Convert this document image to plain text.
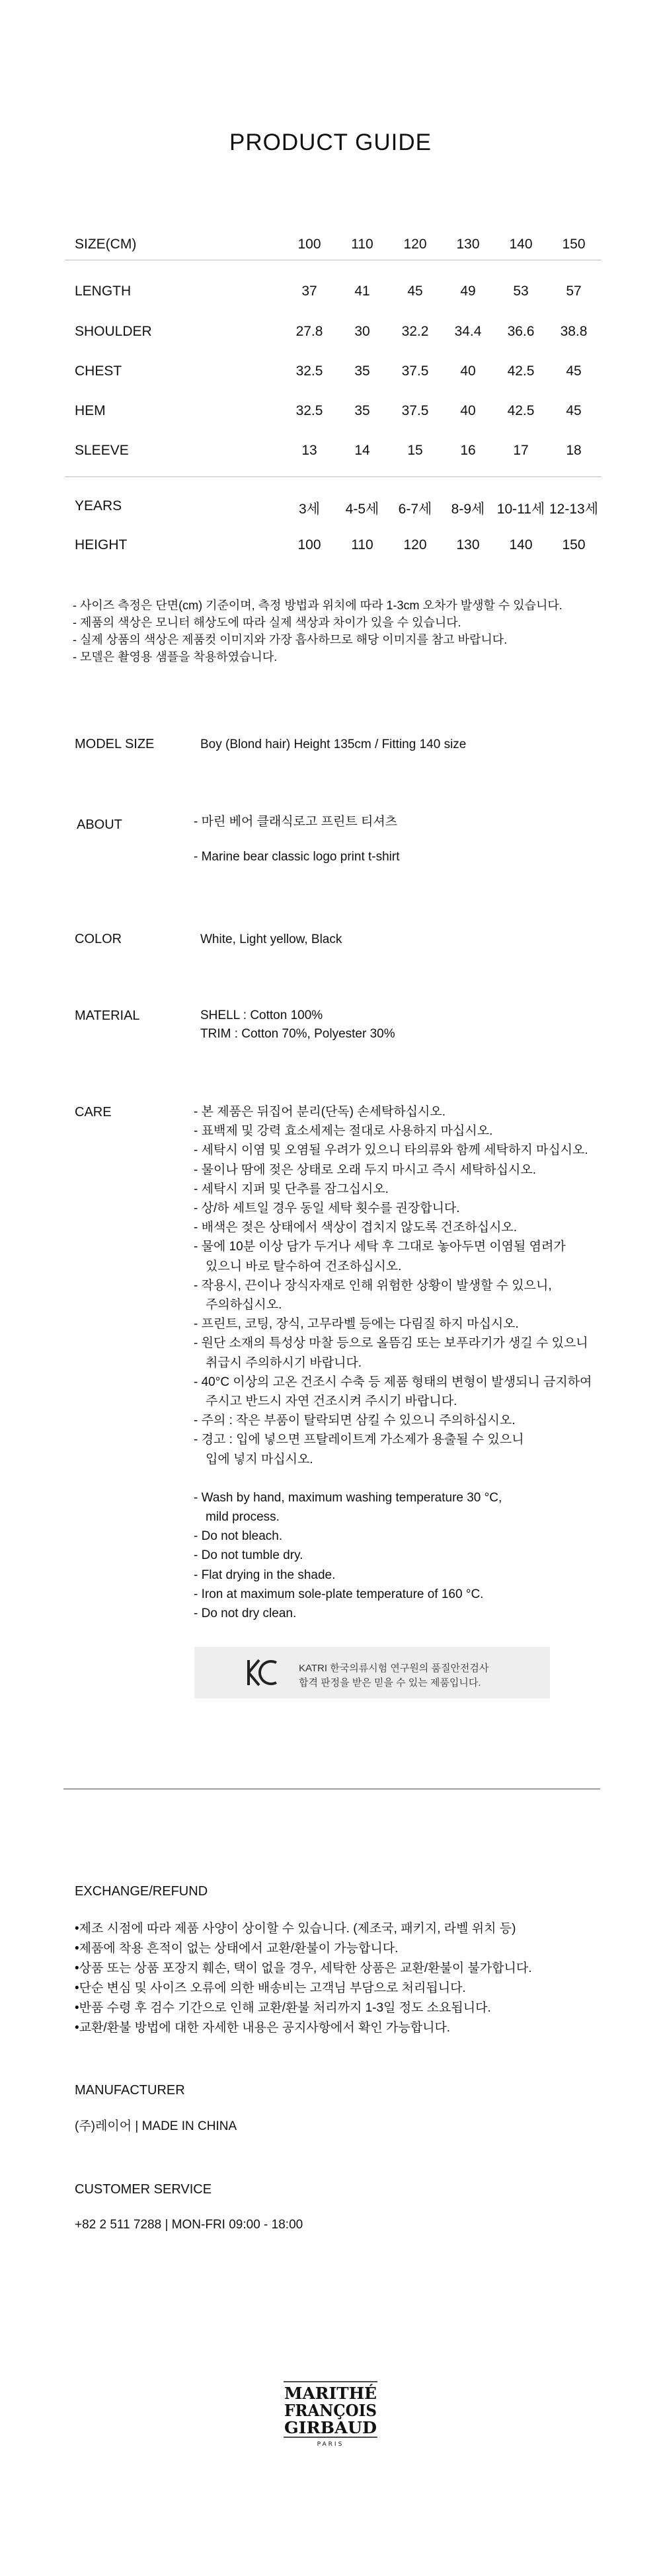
PRODUCT GUIDE
SIZE(CM)	100	110	120	130	140	150
LENGTH	37	41	45	49	53	57
SHOULDER	27.8	30	32.2	34.4	36.6	38.8
CHEST	32.5	35	37.5	40	42.5	45
HEM	32.5	35	37.5	40	42.5	45
SLEEVE	13	14	15	16	17	18
YEARS	3세	4-5세	6-7세	8-9세 10-11세 12-13세
HEIGHT	100	110	120	130	140	150
- 사이즈 측정은 단면(cm) 기준이며, 측정 방법과 위치에 따라 1-3cm 오차가 발생할 수 있습니다.
- 제품의 색상은 모니터 해상도에 따라 실제 색상과 차이가 있을 수 있습니다.
- 실제 상품의 색상은 제품컷 이미지와 가장 흡사하므로 해당 이미지를 참고 바랍니다.
- 모델은 촬영용 샘플을 착용하였습니다.
MODEL SIZE	Boy (Blond hair) Height 135cm / Fitting 140 size
ABOUT	- 마린 베어 클래식로고 프린트 티셔츠
- Marine bear classic logo print t-shirt
COLOR	White, Light yellow, Black
MATERIAL	SHELL : Cotton 100%
TRIM : Cotton 70%, Polyester 30%
CARE	- 본 제품은 뒤집어 분리(단독) 손세탁하십시오.
- 표백제 및 강력 효소세제는 절대로 사용하지 마십시오.
- 세탁시 이염 및 오염될 우려가 있으니 타의류와 함께 세탁하지 마십시오.
- 물이나 땀에 젖은 상태로 오래 두지 마시고 즉시 세탁하십시오.
- 세탁시 지퍼 및 단추를 잠그십시오.
- 상/하 세트일 경우 동일 세탁 횟수를 권장합니다.
- 배색은 젖은 상태에서 색상이 겹치지 않도록 건조하십시오.
- 물에 10분 이상 담가 두거나 세탁 후 그대로 놓아두면 이염될 염려가
있으니 바로 탈수하여 건조하십시오.
- 작용시, 끈이나 장식자재로 인해 위험한 상황이 발생할 수 있으니,
주의하십시오.
- 프린트, 코팅, 장식, 고무라벨 등에는 다림질 하지 마십시오.
- 원단 소재의 특성상 마찰 등으로 올뜸김 또는 보푸라기가 생길 수 있으니
취급시 주의하시기 바랍니다.
- 40°C 이상의 고온 건조시 수축 등 제품 형태의 변형이 발생되니 금지하여
주시고 반드시 자연 건조시켜 주시기 바랍니다.
- 주의 : 작은 부품이 탈락되면 삼킬 수 있으니 주의하십시오.
- 경고 : 입에 넣으면 프탈레이트계 가소제가 용출될 수 있으니
입에 넣지 마십시오.
- Wash by hand, maximum washing temperature 30 °C,
mild process.
- Do not bleach.
- Do not tumble dry.
- Flat drying in the shade.
- Iron at maximum sole-plate temperature of 160 °C.
- Do not dry clean.
KATRI 한국의류시험 연구원의 품질안전검사
합격 판정을 받은 믿을 수 있는 제품입니다.
EXCHANGE/REFUND
•제조 시점에 따라 제품 사양이 상이할 수 있습니다. (제조국, 패키지, 라벨 위치 등)
•제품에 착용 흔적이 없는 상태에서 교환/환불이 가능합니다.
•상품 또는 상품 포장지 훼손, 택이 없을 경우, 세탁한 상품은 교환/환불이 불가합니다.
•단순 변심 및 사이즈 오류에 의한 배송비는 고객님 부담으로 처리됩니다.
•반품 수령 후 검수 기간으로 인해 교환/환불 처리까지 1-3일 정도 소요됩니다.
•교환/환불 방법에 대한 자세한 내용은 공지사항에서 확인 가능합니다.
MANUFACTURER
(주)레이어 | MADE IN CHINA
CUSTOMER SERVICE
+82 2 511 7288 | MON-FRI 09:00 - 18:00
MARITHÉ
FRANÇOIS
GIRBAUD
PARIS
